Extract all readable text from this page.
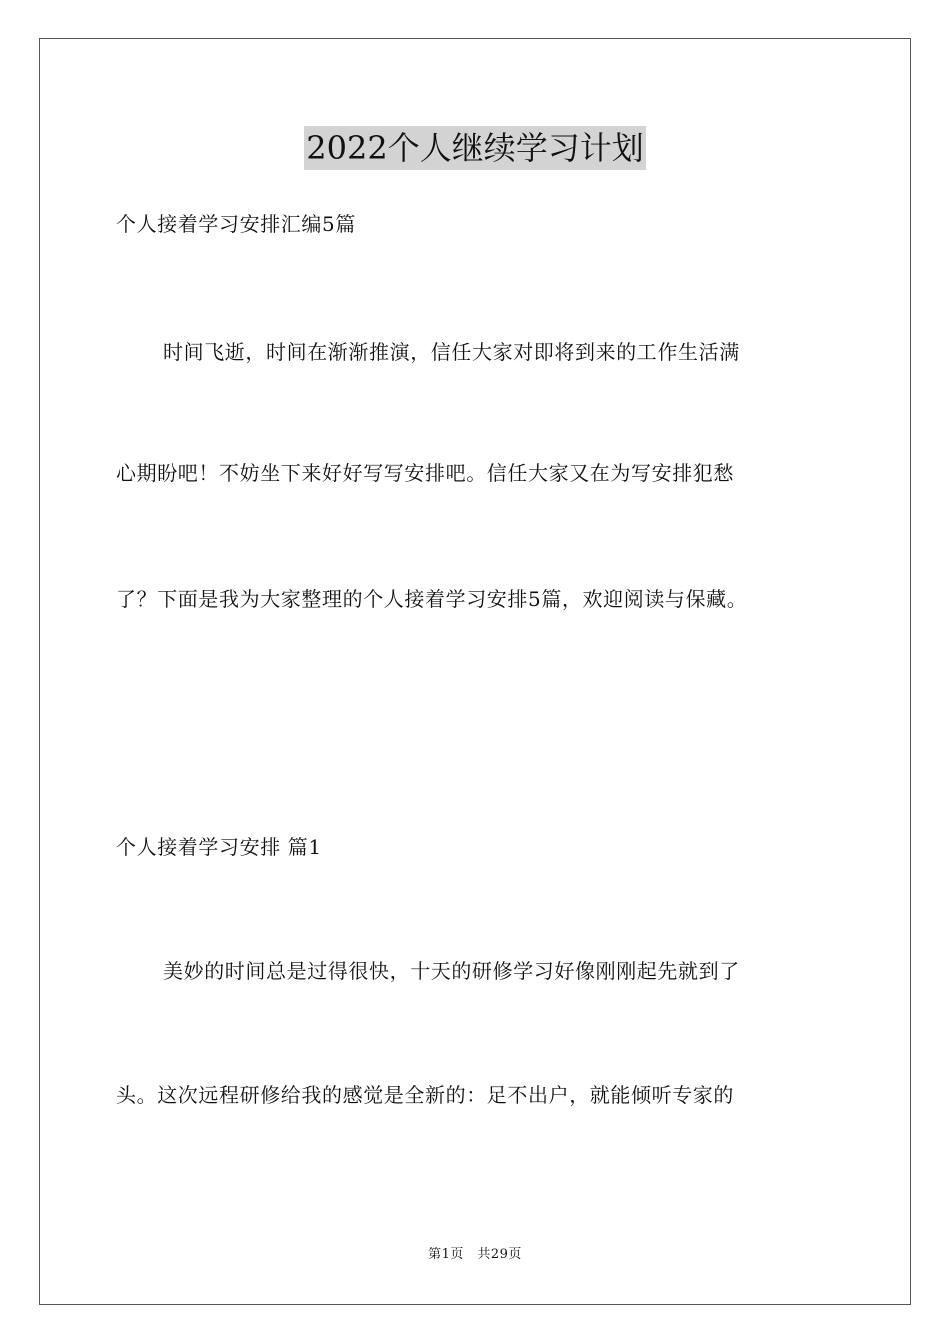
2022个人继续学习计划
个人接着学习安排汇编5篇
时间飞逝，时间在渐渐推演，信任大家对即将到来的工作生活满
心期盼吧！不妨坐下来好好写写安排吧。信任大家又在为写安排犯愁
了？下面是我为大家整理的个人接着学习安排5篇，欢迎阅读与保藏。
个人接着学习安排 篇1
美妙的时间总是过得很快，十天的研修学习好像刚刚起先就到了
头。这次远程研修给我的感觉是全新的：足不出户，就能倾听专家的
第1页　共29页
